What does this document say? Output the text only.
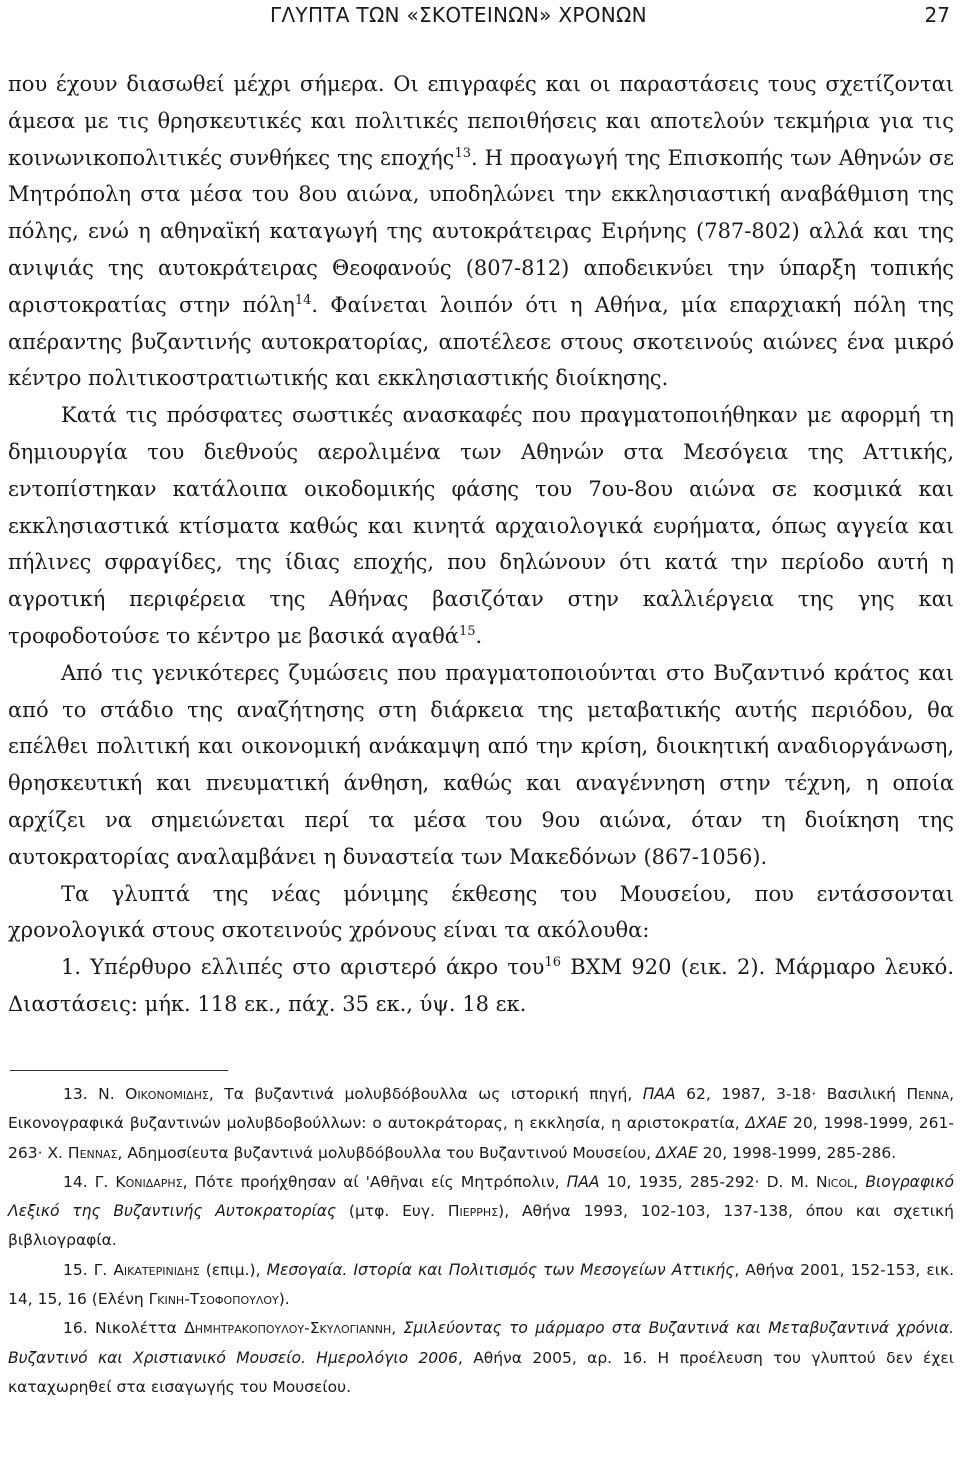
ΓΛΥΠΤΑ ΤΩΝ «ΣΚΟΤΕΙΝΩΝ» ΧΡΟΝΩΝ	27

που έχουν διασωθεί μέχρι σήμερα. Οι επιγραφές και οι παραστάσεις τους σχετίζονται άμεσα με τις θρησκευτικές και πολιτικές πεποιθήσεις και αποτελούν τεκμήρια για τις κοινωνικοπολιτικές συνθήκες της εποχής$^{13}$. Η προαγωγή της Επισκοπής των Αθηνών σε Μητρόπολη στα μέσα του 8ου αιώνα, υποδηλώνει την εκκλησιαστική αναβάθμιση της πόλης, ενώ η αθηναϊκή καταγωγή της αυτοκράτειρας Ειρήνης (787-802) αλλά και της ανιψιάς της αυτοκράτειρας Θεοφανούς (807-812) αποδεικνύει την ύπαρξη τοπικής αριστοκρατίας στην πόλη$^{14}$. Φαίνεται λοιπόν ότι η Αθήνα, μία επαρχιακή πόλη της απέραντης βυζαντινής αυτοκρατορίας, αποτέλεσε στους σκοτεινούς αιώνες ένα μικρό κέντρο πολιτικοστρατιωτικής και εκκλησιαστικής διοίκησης.

Κατά τις πρόσφατες σωστικές ανασκαφές που πραγματοποιήθηκαν με αφορμή τη δημιουργία του διεθνούς αερολιμένα των Αθηνών στα Μεσόγεια της Αττικής, εντοπίστηκαν κατάλοιπα οικοδομικής φάσης του 7ου-8ου αιώνα σε κοσμικά και εκκλησιαστικά κτίσματα καθώς και κινητά αρχαιολογικά ευρήματα, όπως αγγεία και πήλινες σφραγίδες, της ίδιας εποχής, που δηλώνουν ότι κατά την περίοδο αυτή η αγροτική περιφέρεια της Αθήνας βασιζόταν στην καλλιέργεια της γης και τροφοδοτούσε το κέντρο με βασικά αγαθά$^{15}$.

Από τις γενικότερες ζυμώσεις που πραγματοποιούνται στο Βυζαντινό κράτος και από το στάδιο της αναζήτησης στη διάρκεια της μεταβατικής αυτής περιόδου, θα επέλθει πολιτική και οικονομική ανάκαμψη από την κρίση, διοικητική αναδιοργάνωση, θρησκευτική και πνευματική άνθηση, καθώς και αναγέννηση στην τέχνη, η οποία αρχίζει να σημειώνεται περί τα μέσα του 9ου αιώνα, όταν τη διοίκηση της αυτοκρατορίας αναλαμβάνει η δυναστεία των Μακεδόνων (867-1056).

Τα γλυπτά της νέας μόνιμης έκθεσης του Μουσείου, που εντάσσονται χρονολογικά στους σκοτεινούς χρόνους είναι τα ακόλουθα:

1. Υπέρθυρο ελλιπές στο αριστερό άκρο του$^{16}$ ΒΧΜ 920 (εικ. 2). Μάρμαρο λευκό. Διαστάσεις: μήκ. 118 εκ., πάχ. 35 εκ., ύψ. 18 εκ.

13. Ν. Οικονομιδης, Τα βυζαντινά μολυβδόβουλλα ως ιστορική πηγή, ΠΑΑ 62, 1987, 3-18· Βασιλική Πεννα, Εικονογραφικά βυζαντινών μολυβδοβούλλων: ο αυτοκράτορας, η εκκλησία, η αριστοκρατία, ΔΧΑΕ 20, 1998-1999, 261-263· Χ. Πεννας, Αδημοσίευτα βυζαντινά μολυβδόβουλλα του Βυζαντινού Μουσείου, ΔΧΑΕ 20, 1998-1999, 285-286.

14. Γ. Κονιδαρης, Πότε προήχθησαν αί 'Αθῆναι είς Μητρόπολιν, ΠΑΑ 10, 1935, 285-292· D. M. Nicol, Βιογραφικό Λεξικό της Βυζαντινής Αυτοκρατορίας (μτφ. Ευγ. Πιερρης), Αθήνα 1993, 102-103, 137-138, όπου και σχετική βιβλιογραφία.

15. Γ. Αικατερινιδης (επιμ.), Μεσογαία. Ιστορία και Πολιτισμός των Μεσογείων Αττικής, Αθήνα 2001, 152-153, εικ. 14, 15, 16 (Ελένη Γκινη-Τσοφοπουλου).

16. Νικολέττα Δημητρακοπουλου-Σκυλογιαννη, Σμιλεύοντας το μάρμαρο στα Βυζαντινά και Μεταβυζαντινά χρόνια. Βυζαντινό και Χριστιανικό Μουσείο. Ημερολόγιο 2006, Αθήνα 2005, αρ. 16. Η προέλευση του γλυπτού δεν έχει καταχωρηθεί στα εισαγωγής του Μουσείου.
